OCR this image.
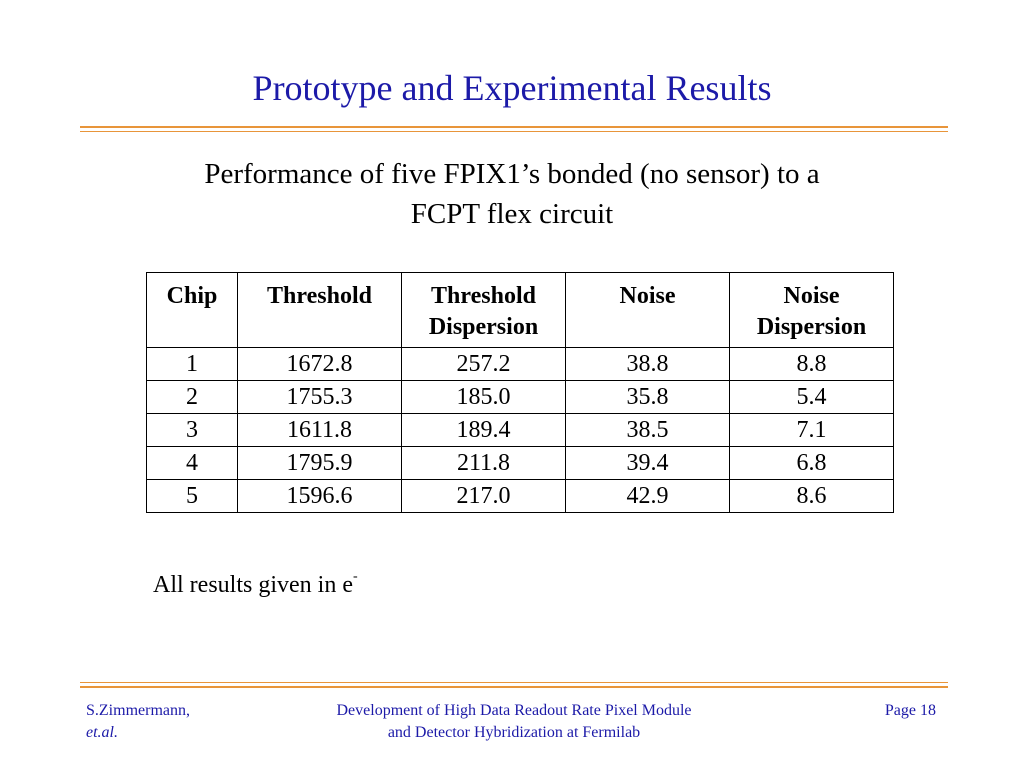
Prototype and Experimental Results
Performance of five FPIX1’s bonded (no sensor) to a FCPT flex circuit
Chip	Threshold	Threshold Dispersion	Noise	Noise Dispersion
1	1672.8	257.2	38.8	8.8
2	1755.3	185.0	35.8	5.4
3	1611.8	189.4	38.5	7.1
4	1795.9	211.8	39.4	6.8
5	1596.6	217.0	42.9	8.6
All results given in e-
S.Zimmermann,
et.al.
Development of High Data Readout Rate Pixel Module
and Detector Hybridization at Fermilab
Page 18
